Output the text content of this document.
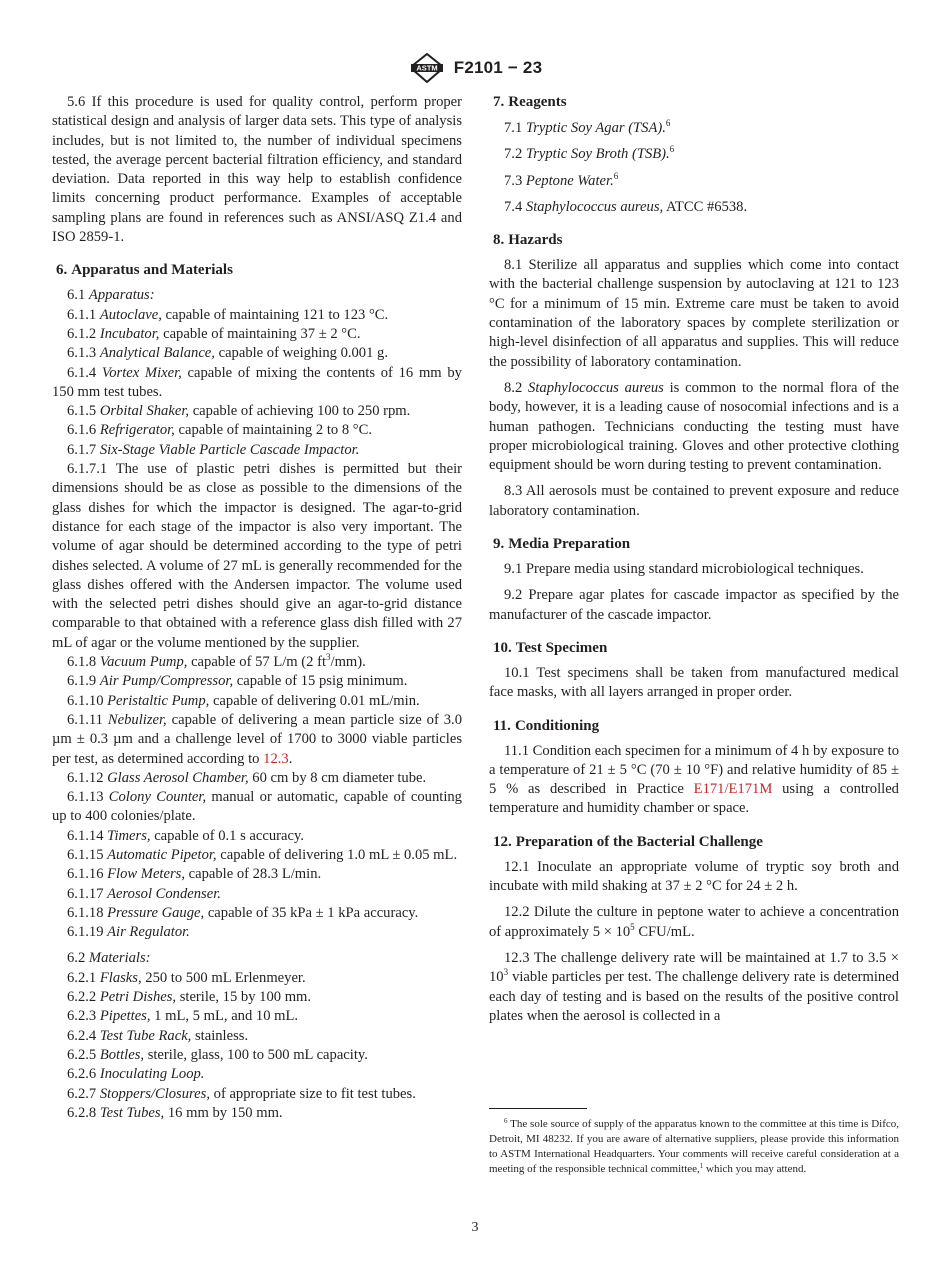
ASTM F2101 − 23

5.6 If this procedure is used for quality control, perform proper statistical design and analysis of larger data sets. This type of analysis includes, but is not limited to, the number of individual specimens tested, the average percent bacterial filtration efficiency, and standard deviation. Data reported in this way help to establish confidence limits concerning product performance. Examples of acceptable sampling plans are found in references such as ANSI/ASQ Z1.4 and ISO 2859-1.

6. Apparatus and Materials

6.1 Apparatus:

6.1.1 Autoclave, capable of maintaining 121 to 123 °C.

6.1.2 Incubator, capable of maintaining 37 ± 2 °C.

6.1.3 Analytical Balance, capable of weighing 0.001 g.

6.1.4 Vortex Mixer, capable of mixing the contents of 16 mm by 150 mm test tubes.

6.1.5 Orbital Shaker, capable of achieving 100 to 250 rpm.

6.1.6 Refrigerator, capable of maintaining 2 to 8 °C.

6.1.7 Six-Stage Viable Particle Cascade Impactor.

6.1.7.1 The use of plastic petri dishes is permitted but their dimensions should be as close as possible to the dimensions of the glass dishes for which the impactor is designed. The agar-to-grid distance for each stage of the impactor is also very important. The volume of agar should be determined according to the type of petri dishes selected. A volume of 27 mL is generally recommended for the glass dishes offered with the Andersen impactor. The volume used with the selected petri dishes should give an agar-to-grid distance comparable to that obtained with a reference glass dish filled with 27 mL of agar or the volume mentioned by the supplier.

6.1.8 Vacuum Pump, capable of 57 L/m (2 $ft^3/mm$).

6.1.9 Air Pump/Compressor, capable of 15 psig minimum.

6.1.10 Peristaltic Pump, capable of delivering 0.01 mL/min.

6.1.11 Nebulizer, capable of delivering a mean particle size of 3.0 µm ± 0.3 µm and a challenge level of 1700 to 3000 viable particles per test, as determined according to 12.3.

6.1.12 Glass Aerosol Chamber, 60 cm by 8 cm diameter tube.

6.1.13 Colony Counter, manual or automatic, capable of counting up to 400 colonies/plate.

6.1.14 Timers, capable of 0.1 s accuracy.

6.1.15 Automatic Pipetor, capable of delivering 1.0 mL ± 0.05 mL.

6.1.16 Flow Meters, capable of 28.3 L/min.

6.1.17 Aerosol Condenser.

6.1.18 Pressure Gauge, capable of 35 kPa ± 1 kPa accuracy.

6.1.19 Air Regulator.

6.2 Materials:

6.2.1 Flasks, 250 to 500 mL Erlenmeyer.

6.2.2 Petri Dishes, sterile, 15 by 100 mm.

6.2.3 Pipettes, 1 mL, 5 mL, and 10 mL.

6.2.4 Test Tube Rack, stainless.

6.2.5 Bottles, sterile, glass, 100 to 500 mL capacity.

6.2.6 Inoculating Loop.

6.2.7 Stoppers/Closures, of appropriate size to fit test tubes.

6.2.8 Test Tubes, 16 mm by 150 mm.

7. Reagents

7.1 Tryptic Soy Agar (TSA).$^6$

7.2 Tryptic Soy Broth (TSB).$^6$

7.3 Peptone Water.$^6$

7.4 Staphylococcus aureus, ATCC #6538.

8. Hazards

8.1 Sterilize all apparatus and supplies which come into contact with the bacterial challenge suspension by autoclaving at 121 to 123 °C for a minimum of 15 min. Extreme care must be taken to avoid contamination of the laboratory spaces by complete sterilization or high-level disinfection of all apparatus and supplies. This will reduce the possibility of laboratory contamination.

8.2 Staphylococcus aureus is common to the normal flora of the body, however, it is a leading cause of nosocomial infections and is a human pathogen. Technicians conducting the testing must have proper microbiological training. Gloves and other protective clothing equipment should be worn during testing to prevent contamination.

8.3 All aerosols must be contained to prevent exposure and reduce laboratory contamination.

9. Media Preparation

9.1 Prepare media using standard microbiological techniques.

9.2 Prepare agar plates for cascade impactor as specified by the manufacturer of the cascade impactor.

10. Test Specimen

10.1 Test specimens shall be taken from manufactured medical face masks, with all layers arranged in proper order.

11. Conditioning

11.1 Condition each specimen for a minimum of 4 h by exposure to a temperature of 21 ± 5 °C (70 ± 10 °F) and relative humidity of 85 ± 5 % as described in Practice E171/E171M using a controlled temperature and humidity chamber or space.

12. Preparation of the Bacterial Challenge

12.1 Inoculate an appropriate volume of tryptic soy broth and incubate with mild shaking at 37 ± 2 °C for 24 ± 2 h.

12.2 Dilute the culture in peptone water to achieve a concentration of approximately $5 \times 10^5$ CFU/mL.

12.3 The challenge delivery rate will be maintained at 1.7 to $3.5 \times 10^3$ viable particles per test. The challenge delivery rate is determined each day of testing and is based on the results of the positive control plates when the aerosol is collected in a

$^6$ The sole source of supply of the apparatus known to the committee at this time is Difco, Detroit, MI 48232. If you are aware of alternative suppliers, please provide this information to ASTM International Headquarters. Your comments will receive careful consideration at a meeting of the responsible technical committee,$^1$ which you may attend.
3
